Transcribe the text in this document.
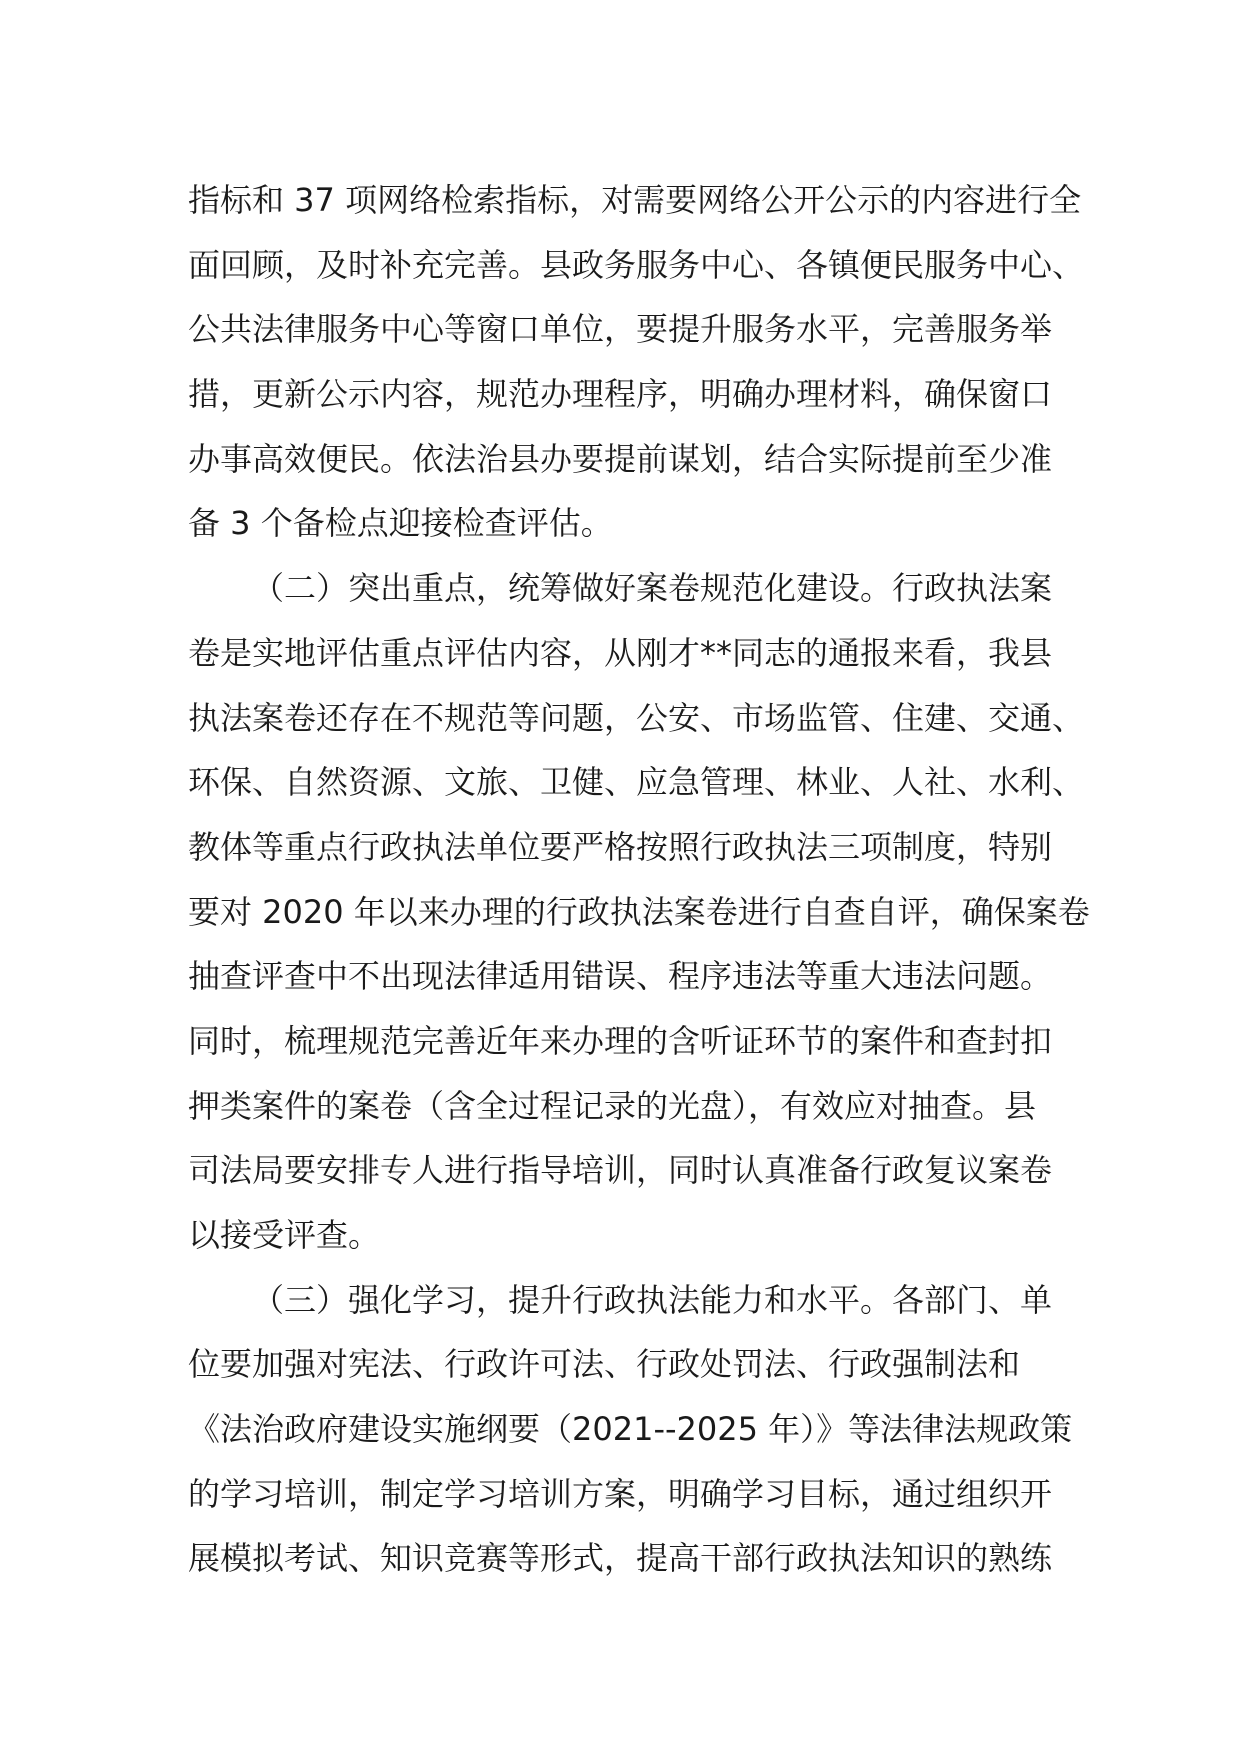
指标和 37 项网络检索指标，对需要网络公开公示的内容进行全
面回顾，及时补充完善。县政务服务中心、各镇便民服务中心、
公共法律服务中心等窗口单位，要提升服务水平，完善服务举
措，更新公示内容，规范办理程序，明确办理材料，确保窗口
办事高效便民。依法治县办要提前谋划，结合实际提前至少准
备 3 个备检点迎接检查评估。
（二）突出重点，统筹做好案卷规范化建设。行政执法案
卷是实地评估重点评估内容，从刚才**同志的通报来看，我县
执法案卷还存在不规范等问题，公安、市场监管、住建、交通、
环保、自然资源、文旅、卫健、应急管理、林业、人社、水利、
教体等重点行政执法单位要严格按照行政执法三项制度，特别
要对 2020 年以来办理的行政执法案卷进行自查自评，确保案卷
抽查评查中不出现法律适用错误、程序违法等重大违法问题。
同时，梳理规范完善近年来办理的含听证环节的案件和查封扣
押类案件的案卷（含全过程记录的光盘），有效应对抽查。县
司法局要安排专人进行指导培训，同时认真准备行政复议案卷
以接受评查。
（三）强化学习，提升行政执法能力和水平。各部门、单
位要加强对宪法、行政许可法、行政处罚法、行政强制法和
《法治政府建设实施纲要（2021--2025 年）》等法律法规政策
的学习培训，制定学习培训方案，明确学习目标，通过组织开
展模拟考试、知识竞赛等形式，提高干部行政执法知识的熟练
